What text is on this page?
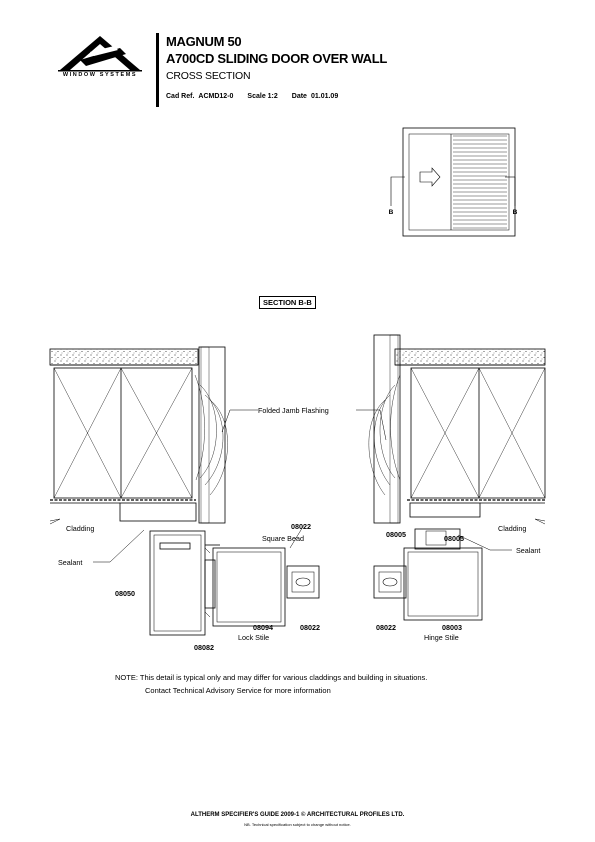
WINDOW SYSTEMS
MAGNUM 50
A700CD SLIDING DOOR OVER WALL
CROSS SECTION
Cad Ref. ACMD12-0 Scale 1:2 Date 01.01.09
B	B
SECTION B-B
Folded Jamb Flashing
Cladding	Cladding
Sealant
Sealant
08022
Square Bead
08050
08094
Lock Stile
08022
08082
08005	08005
08022	08003
Hinge Stile
NOTE: This detail is typical only and may differ for various claddings and building in situations.
Contact Technical Advisory Service for more information
ALTHERM SPECIFIER'S GUIDE 2009-1 © ARCHITECTURAL PROFILES LTD.
NB. Technical specification subject to change without notice.
